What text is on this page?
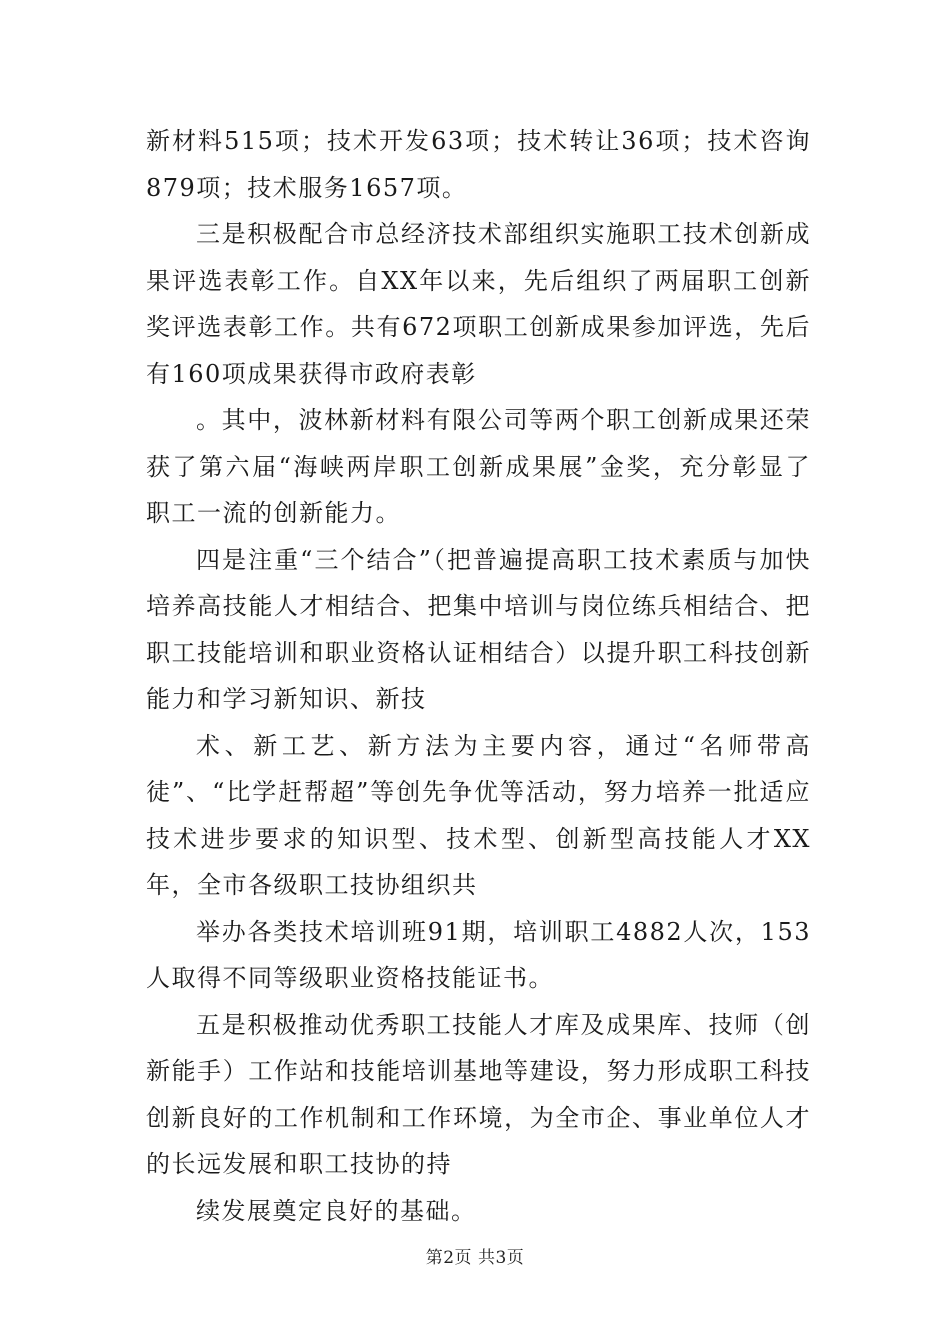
新材料515项；技术开发63项；技术转让36项；技术咨询879项；技术服务1657项。

三是积极配合市总经济技术部组织实施职工技术创新成果评选表彰工作。自XX年以来，先后组织了两届职工创新奖评选表彰工作。共有672项职工创新成果参加评选，先后有160项成果获得市政府表彰

。其中，波林新材料有限公司等两个职工创新成果还荣获了第六届“海峡两岸职工创新成果展”金奖，充分彰显了职工一流的创新能力。

四是注重“三个结合”（把普遍提高职工技术素质与加快培养高技能人才相结合、把集中培训与岗位练兵相结合、把职工技能培训和职业资格认证相结合）以提升职工科技创新能力和学习新知识、新技

术、新工艺、新方法为主要内容，通过“名师带高徒”、“比学赶帮超”等创先争优等活动，努力培养一批适应技术进步要求的知识型、技术型、创新型高技能人才XX年，全市各级职工技协组织共

举办各类技术培训班91期，培训职工4882人次，153人取得不同等级职业资格技能证书。

五是积极推动优秀职工技能人才库及成果库、技师（创新能手）工作站和技能培训基地等建设，努力形成职工科技创新良好的工作机制和工作环境，为全市企、事业单位人才的长远发展和职工技协的持

续发展奠定良好的基础。

第2页 共3页
